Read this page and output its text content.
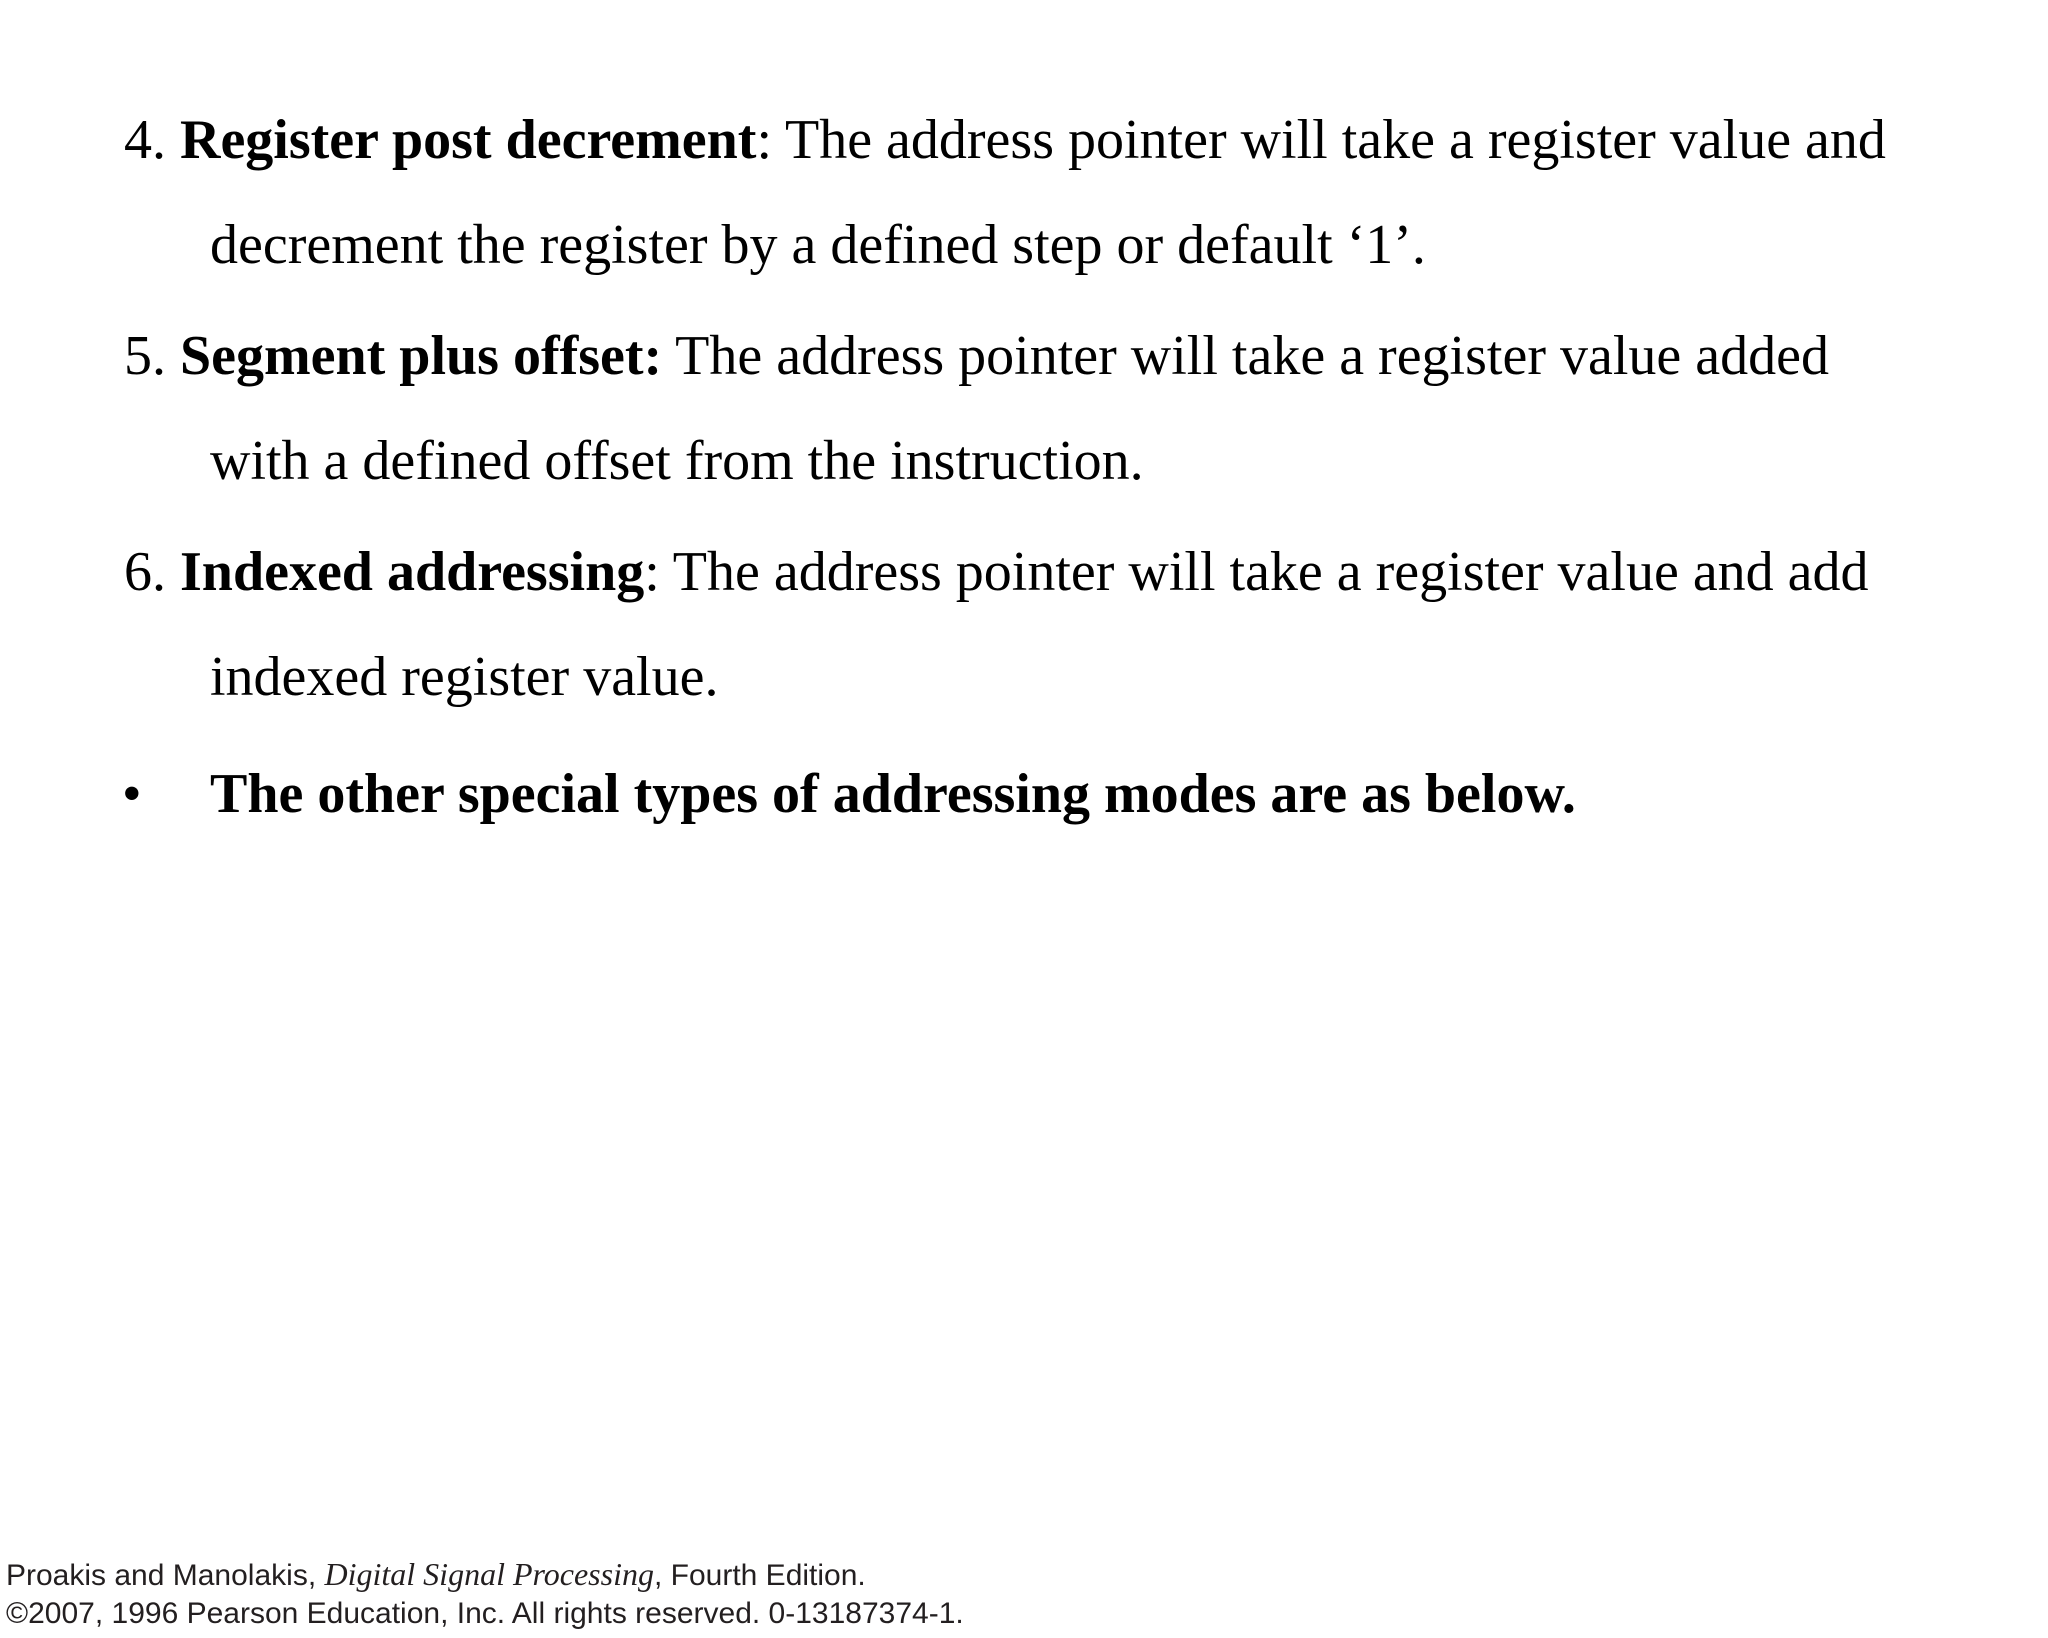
4. Register post decrement: The address pointer will take a register value and
decrement the register by a defined step or default ‘1’.
5. Segment plus offset: The address pointer will take a register value added
with a defined offset from the instruction.
6. Indexed addressing: The address pointer will take a register value and add
indexed register value.
• The other special types of addressing modes are as below.
Proakis and Manolakis, Digital Signal Processing, Fourth Edition.
©2007, 1996 Pearson Education, Inc. All rights reserved. 0-13187374-1.
